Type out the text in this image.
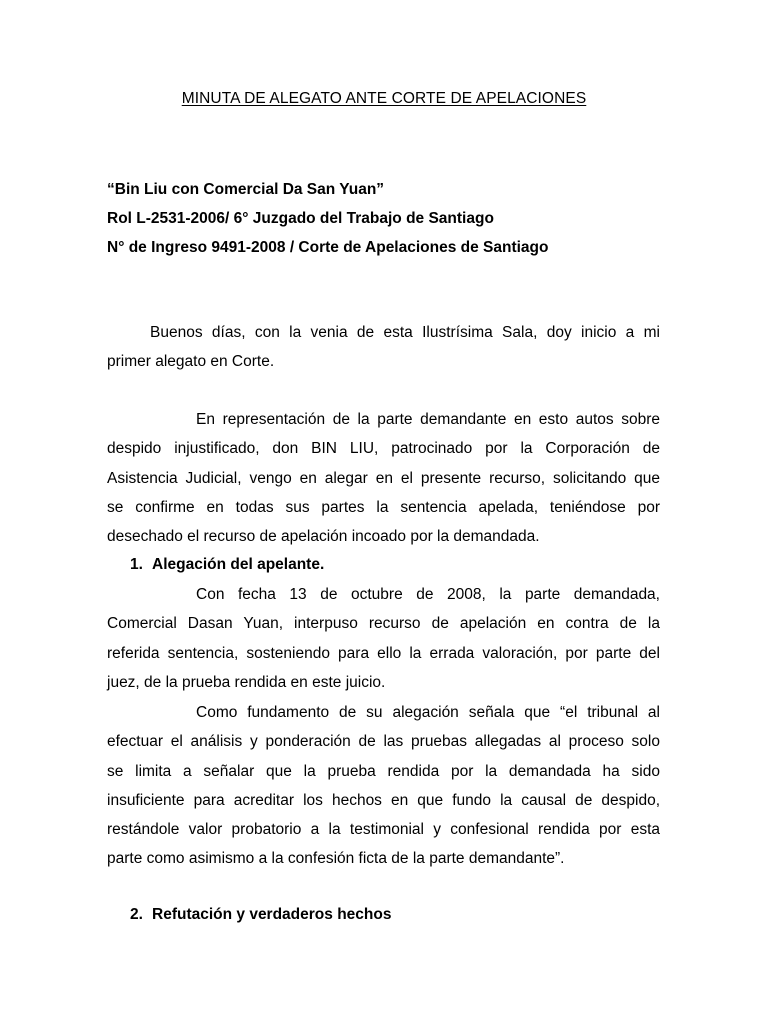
MINUTA DE ALEGATO ANTE CORTE DE APELACIONES

“Bin Liu con Comercial Da San Yuan”

Rol L-2531-2006/ 6° Juzgado del Trabajo de Santiago

N° de Ingreso 9491-2008 / Corte de Apelaciones de Santiago

Buenos días, con la venia de esta Ilustrísima Sala, doy inicio a mi
primer alegato en Corte.
En representación de la parte demandante en esto autos sobre
despido injustificado, don BIN LIU, patrocinado por la Corporación de
Asistencia Judicial, vengo en alegar en el presente recurso, solicitando que
se confirme en todas sus partes la sentencia apelada, teniéndose por
desechado el recurso de apelación incoado por la demandada.

1. Alegación del apelante.

Con fecha 13 de octubre de 2008, la parte demandada,
Comercial Dasan Yuan, interpuso recurso de apelación en contra de la
referida sentencia, sosteniendo para ello la errada valoración, por parte del
juez, de la prueba rendida en este juicio.
Como fundamento de su alegación señala que “el tribunal al
efectuar el análisis y ponderación de las pruebas allegadas al proceso solo
se limita a señalar que la prueba rendida por la demandada ha sido
insuficiente para acreditar los hechos en que fundo la causal de despido,
restándole valor probatorio a la testimonial y confesional rendida por esta
parte como asimismo a la confesión ficta de la parte demandante”.

2. Refutación y verdaderos hechos
